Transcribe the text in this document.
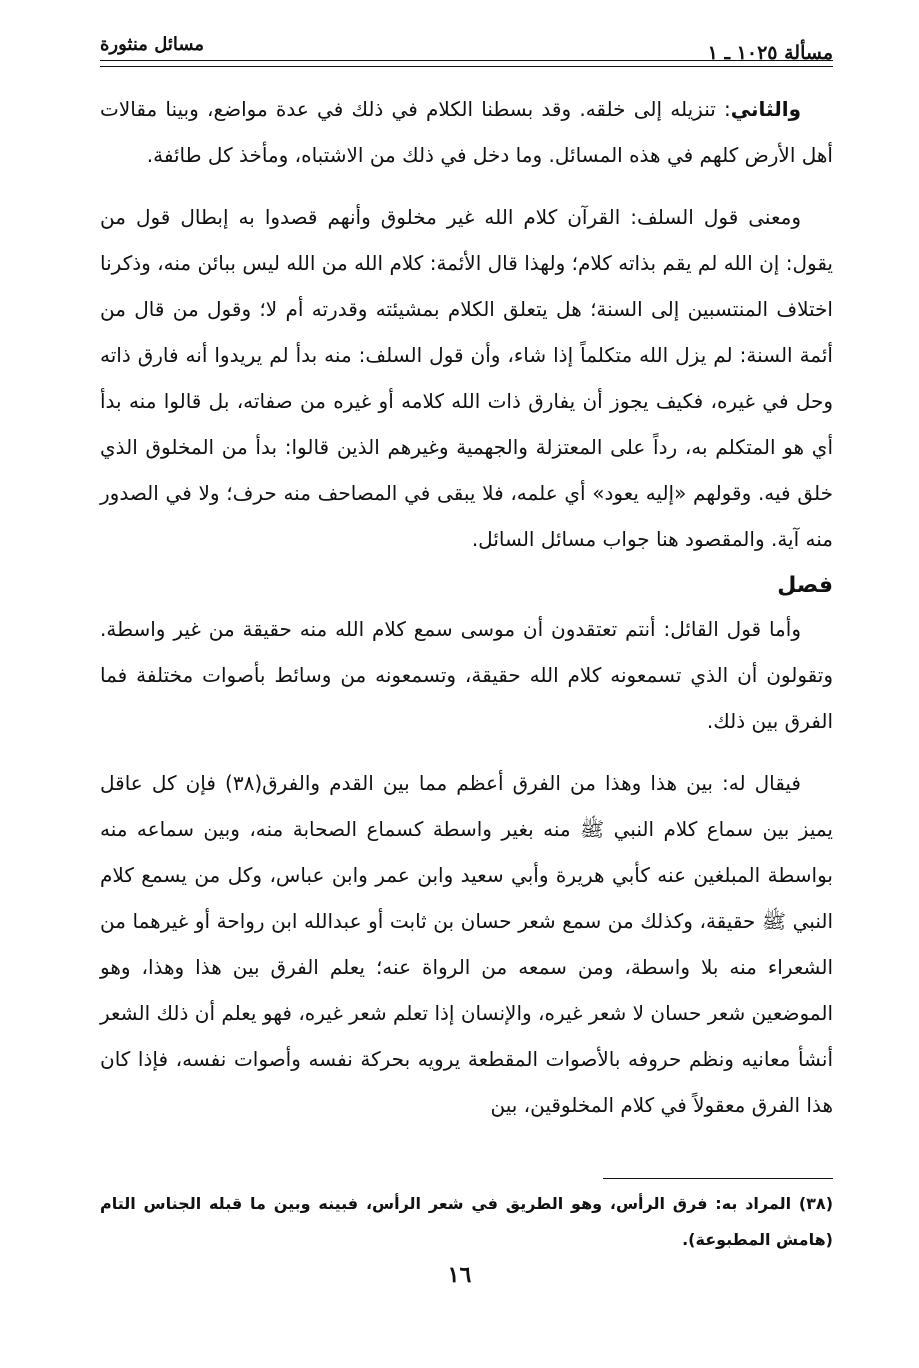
مسألة ١٠٢٥ ـ ١
مسائل منثورة

والثاني: تنزيله إلى خلقه. وقد بسطنا الكلام في ذلك في عدة مواضع، وبينا مقالات أهل الأرض كلهم في هذه المسائل. وما دخل في ذلك من الاشتباه، ومأخذ كل طائفة.

ومعنى قول السلف: القرآن كلام الله غير مخلوق وأنهم قصدوا به إبطال قول من يقول: إن الله لم يقم بذاته كلام؛ ولهذا قال الأئمة: كلام الله من الله ليس ببائن منه، وذكرنا اختلاف المنتسبين إلى السنة؛ هل يتعلق الكلام بمشيئته وقدرته أم لا؛ وقول من قال من أئمة السنة: لم يزل الله متكلماً إذا شاء، وأن قول السلف: منه بدأ لم يريدوا أنه فارق ذاته وحل في غيره، فكيف يجوز أن يفارق ذات الله كلامه أو غيره من صفاته، بل قالوا منه بدأ أي هو المتكلم به، رداً على المعتزلة والجهمية وغيرهم الذين قالوا: بدأ من المخلوق الذي خلق فيه. وقولهم «إليه يعود» أي علمه، فلا يبقى في المصاحف منه حرف؛ ولا في الصدور منه آية. والمقصود هنا جواب مسائل السائل.

فصل

وأما قول القائل: أنتم تعتقدون أن موسى سمع كلام الله منه حقيقة من غير واسطة. وتقولون أن الذي تسمعونه كلام الله حقيقة، وتسمعونه من وسائط بأصوات مختلفة فما الفرق بين ذلك.

فيقال له: بين هذا وهذا من الفرق أعظم مما بين القدم والفرق(٣٨) فإن كل عاقل يميز بين سماع كلام النبي ﷺ منه بغير واسطة كسماع الصحابة منه، وبين سماعه منه بواسطة المبلغين عنه كأبي هريرة وأبي سعيد وابن عمر وابن عباس، وكل من يسمع كلام النبي ﷺ حقيقة، وكذلك من سمع شعر حسان بن ثابت أو عبدالله ابن رواحة أو غيرهما من الشعراء منه بلا واسطة، ومن سمعه من الرواة عنه؛ يعلم الفرق بين هذا وهذا، وهو الموضعين شعر حسان لا شعر غيره، والإنسان إذا تعلم شعر غيره، فهو يعلم أن ذلك الشعر أنشأ معانيه ونظم حروفه بالأصوات المقطعة يرويه بحركة نفسه وأصوات نفسه، فإذا كان هذا الفرق معقولاً في كلام المخلوقين، بين

(٣٨) المراد به: فرق الرأس، وهو الطريق في شعر الرأس، فبينه وبين ما قبله الجناس التام (هامش المطبوعة).
١٦
